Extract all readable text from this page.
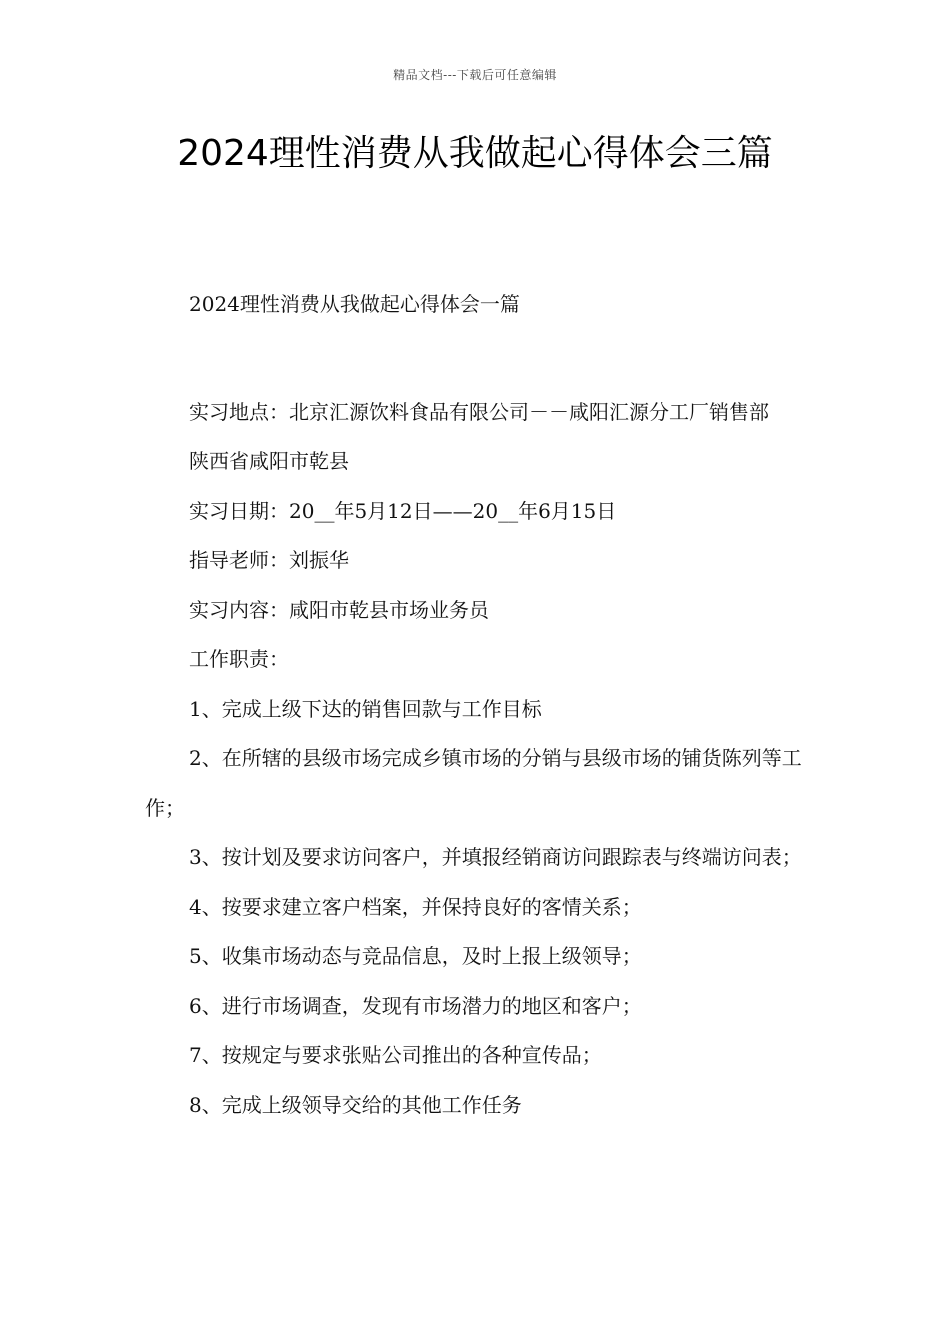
精品文档---下载后可任意编辑
2024理性消费从我做起心得体会三篇

2024理性消费从我做起心得体会一篇

实习地点：北京汇源饮料食品有限公司－－咸阳汇源分工厂销售部

陕西省咸阳市乾县

实习日期：20__年5月12日——20__年6月15日

指导老师：刘振华

实习内容：咸阳市乾县市场业务员

工作职责：

1、完成上级下达的销售回款与工作目标

2、在所辖的县级市场完成乡镇市场的分销与县级市场的铺货陈列等工作；

3、按计划及要求访问客户，并填报经销商访问跟踪表与终端访问表；

4、按要求建立客户档案，并保持良好的客情关系；

5、收集市场动态与竞品信息，及时上报上级领导；

6、进行市场调查，发现有市场潜力的地区和客户；

7、按规定与要求张贴公司推出的各种宣传品；

8、完成上级领导交给的其他工作任务
